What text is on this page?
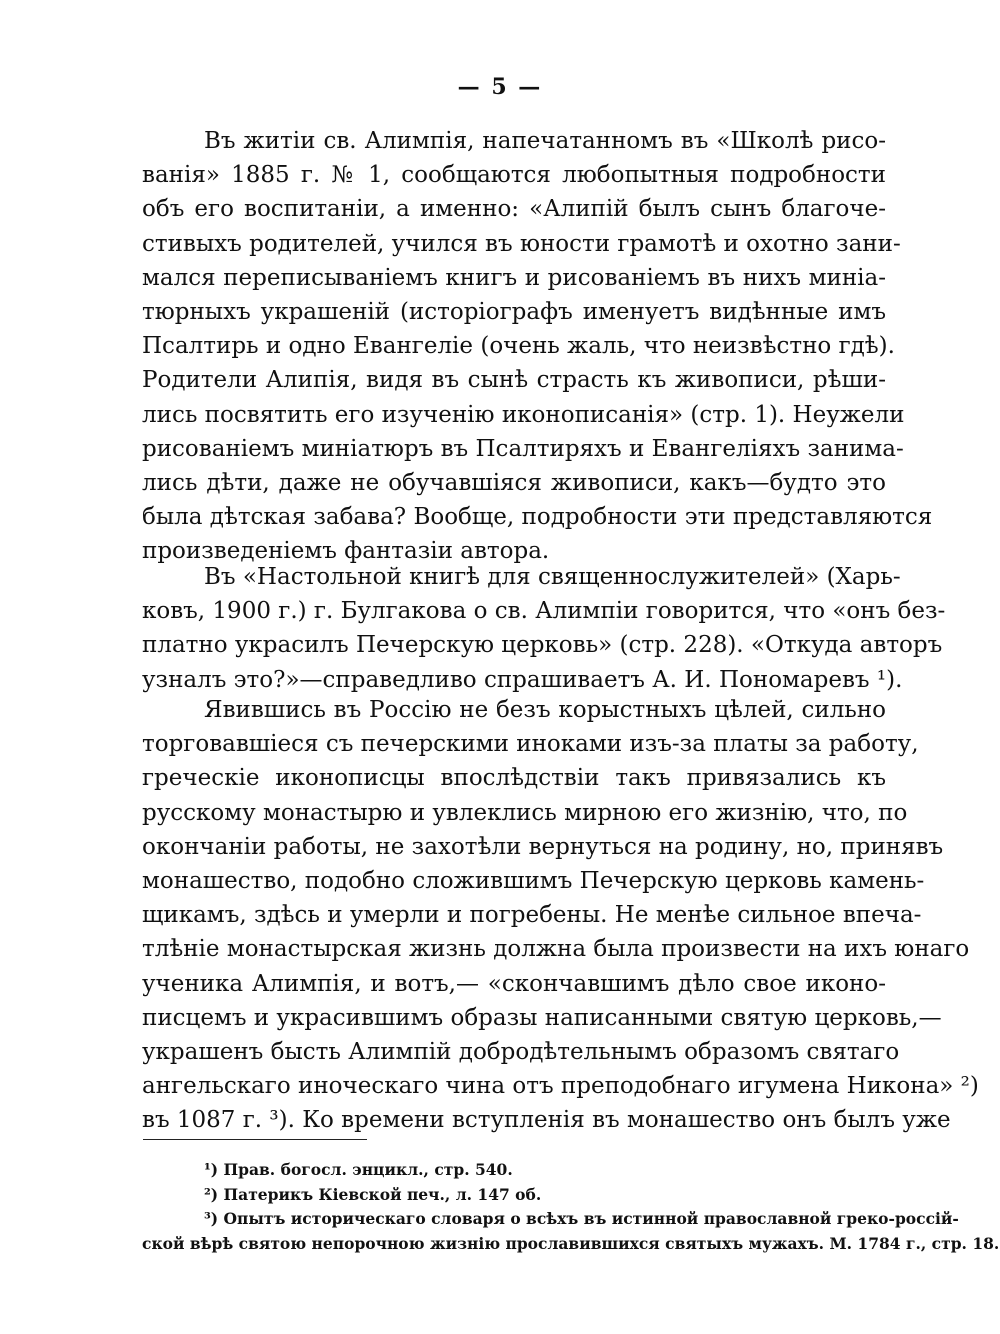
— 5 —
Въ житіи св. Алимпія, напечатанномъ въ «Школѣ рисо-
ванія» 1885 г. № 1, сообщаются любопытныя подробности
объ его воспитаніи, а именно: «Алипій былъ сынъ благоче-
стивыхъ родителей, учился въ юности грамотѣ и охотно зани-
мался переписываніемъ книгъ и рисованіемъ въ нихъ миніа-
тюрныхъ украшеній (исторіографъ именуетъ видѣнные имъ
Псалтирь и одно Евангеліе (очень жаль, что неизвѣстно гдѣ).
Родители Алипія, видя въ сынѣ страсть къ живописи, рѣши-
лись посвятить его изученію иконописанія» (стр. 1). Неужели
рисованіемъ миніатюръ въ Псалтиряхъ и Евангеліяхъ занима-
лись дѣти, даже не обучавшіяся живописи, какъ—будто это
была дѣтская забава? Вообще, подробности эти представляются
произведеніемъ фантазіи автора.
Въ «Настольной книгѣ для священнослужителей» (Харь-
ковъ, 1900 г.) г. Булгакова о св. Алимпіи говорится, что «онъ без-
платно украсилъ Печерскую церковь» (стр. 228). «Откуда авторъ
узналъ это?»—справедливо спрашиваетъ А. И. Пономаревъ ¹).
Явившись въ Россію не безъ корыстныхъ цѣлей, сильно
торговавшіеся съ печерскими иноками изъ-за платы за работу,
греческіе иконописцы впослѣдствіи такъ привязались къ
русскому монастырю и увлеклись мирною его жизнію, что, по
окончаніи работы, не захотѣли вернуться на родину, но, принявъ
монашество, подобно сложившимъ Печерскую церковь камень-
щикамъ, здѣсь и умерли и погребены. Не менѣе сильное впеча-
тлѣніе монастырская жизнь должна была произвести на ихъ юнаго
ученика Алимпія, и вотъ,— «скончавшимъ дѣло свое иконо-
писцемъ и украсившимъ образы написанными святую церковь,—
украшенъ бысть Алимпій добродѣтельнымъ образомъ святаго
ангельскаго иноческаго чина отъ преподобнаго игумена Никона» ²)
въ 1087 г. ³). Ко времени вступленія въ монашество онъ былъ уже
¹) Прав. богосл. энцикл., стр. 540.
²) Патерикъ Кіевской печ., л. 147 об.
³) Опытъ историческаго словаря о всѣхъ въ истинной православной греко-россій-
ской вѣрѣ святою непорочною жизнію прославившихся святыхъ мужахъ. М. 1784 г., стр. 18.
